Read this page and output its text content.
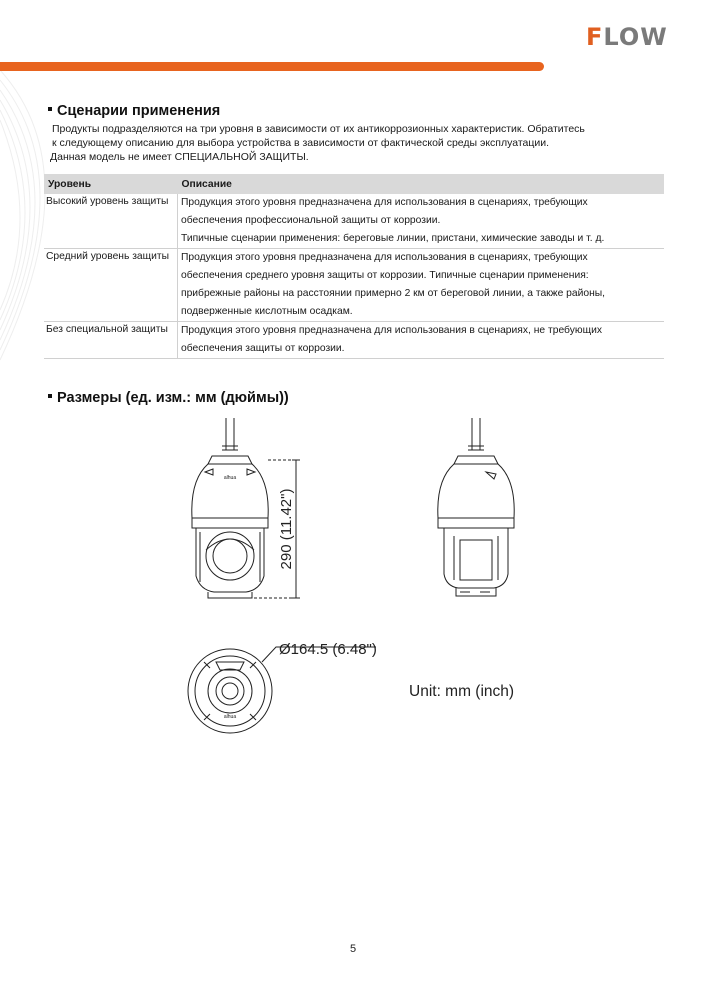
FLOW
Сценарии применения

Продукты подразделяются на три уровня в зависимости от их антикоррозионных характеристик. Обратитесь

к следующему описанию для выбора устройства в зависимости от фактической среды эксплуатации.

Данная модель не имеет СПЕЦИАЛЬНОЙ ЗАЩИТЫ.

Уровень	Описание
Высокий уровень защиты	Продукция этого уровня предназначена для использования в сценариях, требующих
обеспечения профессиональной защиты от коррозии.
Типичные сценарии применения: береговые линии, пристани, химические заводы и т. д.

Средний уровень защиты	Продукция этого уровня предназначена для использования в сценариях, требующих
обеспечения среднего уровня защиты от коррозии. Типичные сценарии применения:
прибрежные районы на расстоянии примерно 2 км от береговой линии, а также районы,
подверженные кислотным осадкам.

Без специальной защиты	Продукция этого уровня предназначена для использования в сценариях, не требующих
обеспечения защиты от коррозии.
Размеры (ед. изм.: мм (дюймы))
alhua
alhua
290 (11.42")
Ø164.5 (6.48")
Unit: mm (inch)
5
